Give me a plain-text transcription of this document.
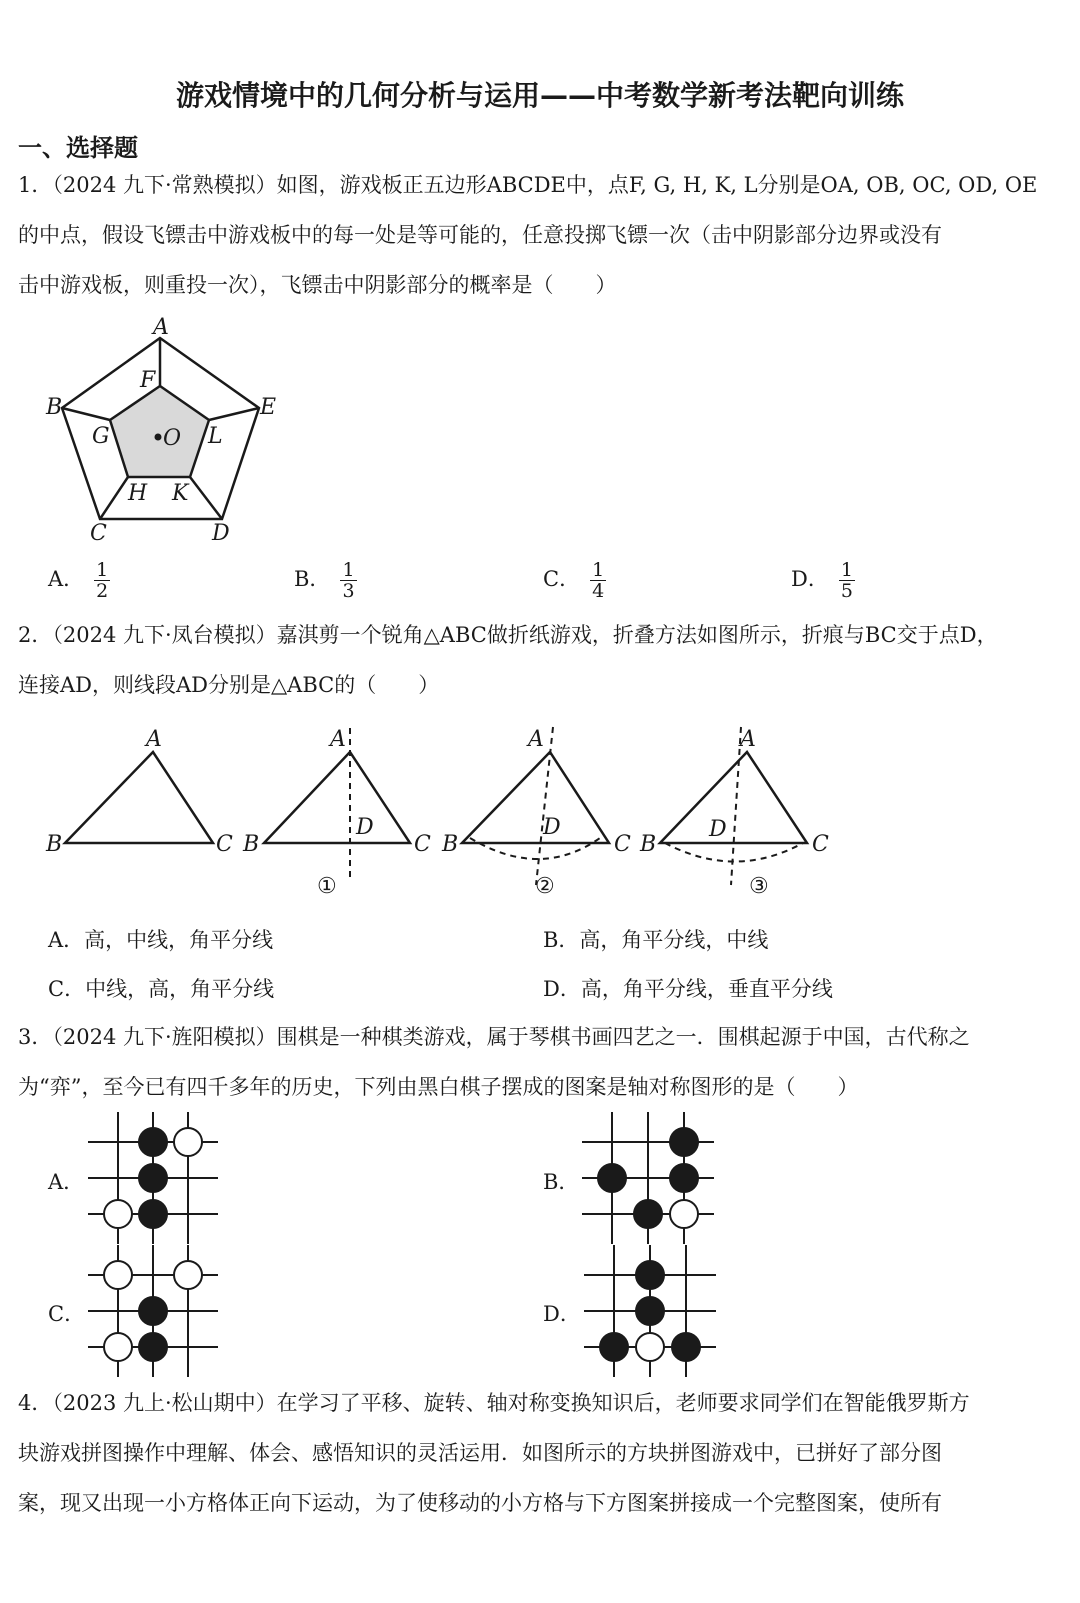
游戏情境中的几何分析与运用——中考数学新考法靶向训练
一、选择题
1．（2024 九下·常熟模拟）如图，游戏板正五边形ABCDE中，点F, G, H, K, L分别是OA, OB, OC, OD, OE
的中点，假设飞镖击中游戏板中的每一处是等可能的，任意投掷飞镖一次（击中阴影部分边界或没有
击中游戏板，则重投一次），飞镖击中阴影部分的概率是（　　）
A
B
C	D
E
F
G
H K
L
O
A． $\frac{1}{2}$	B． $\frac{1}{3}$	C． $\frac{1}{4}$	D． $\frac{1}{5}$
2．（2024 九下·凤台模拟）嘉淇剪一个锐角△ABC做折纸游戏，折叠方法如图所示，折痕与BC交于点D，
连接AD，则线段AD分别是△ABC的（　　）
A
B	C
A
B	C
D
①
A
B	C
D
②
A
B	C
D
③
A．高，中线，角平分线	B．高，角平分线，中线
C．中线，高，角平分线	D．高，角平分线，垂直平分线
3．（2024 九下·旌阳模拟）围棋是一种棋类游戏，属于琴棋书画四艺之一．围棋起源于中国，古代称之
为“弈”，至今已有四千多年的历史，下列由黑白棋子摆成的图案是轴对称图形的是（　　）
A．	B．
C．	D．
4．（2023 九上·松山期中）在学习了平移、旋转、轴对称变换知识后，老师要求同学们在智能俄罗斯方
块游戏拼图操作中理解、体会、感悟知识的灵活运用．如图所示的方块拼图游戏中，已拼好了部分图
案，现又出现一小方格体正向下运动，为了使移动的小方格与下方图案拼接成一个完整图案，使所有
